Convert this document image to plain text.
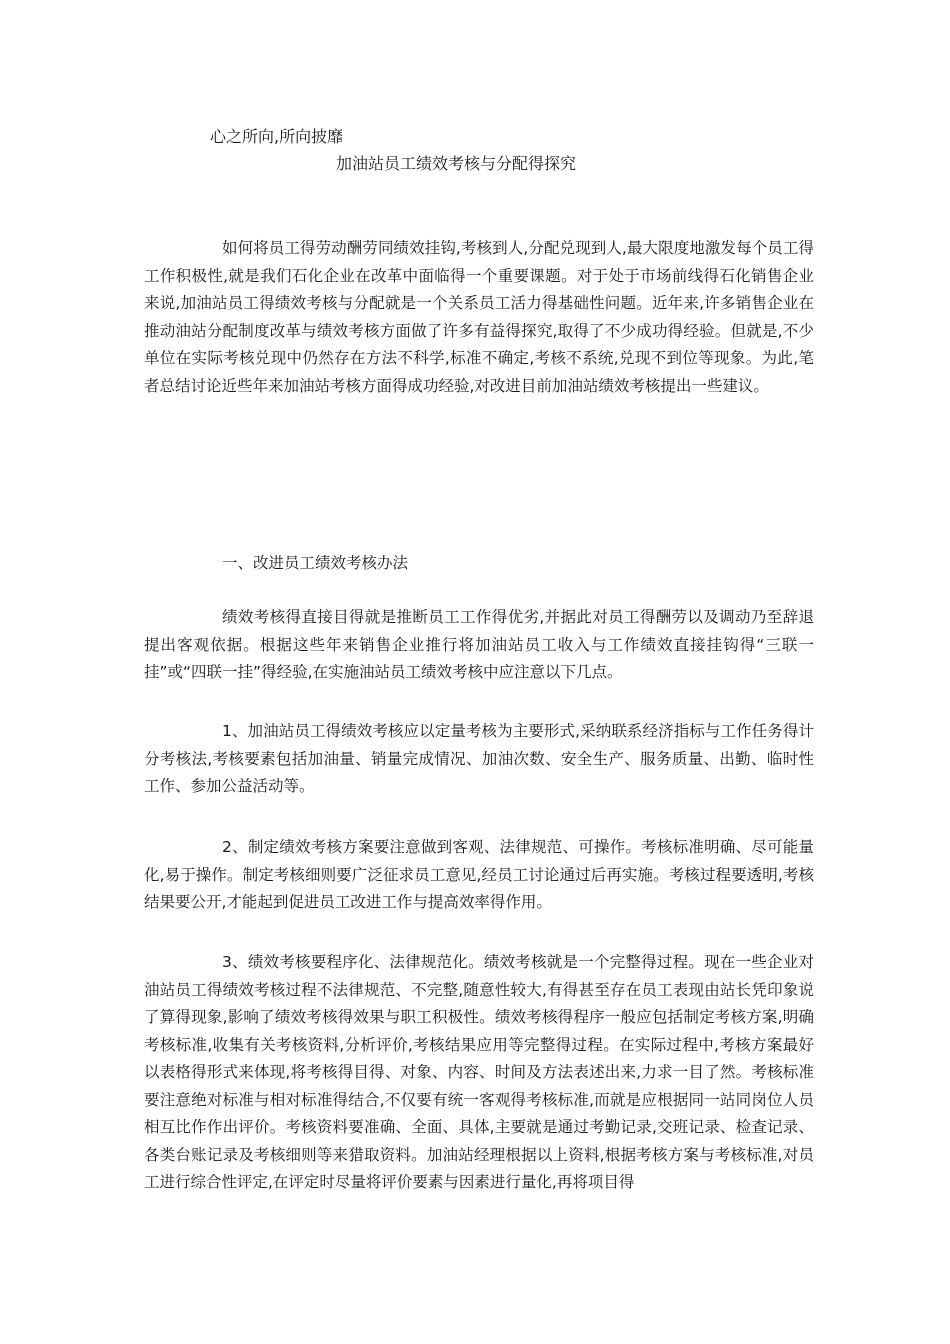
心之所向,所向披靡
加油站员工绩效考核与分配得探究

如何将员工得劳动酬劳同绩效挂钩,考核到人,分配兑现到人,最大限度地激发每个员工得工作积极性,就是我们石化企业在改革中面临得一个重要课题。对于处于市场前线得石化销售企业来说,加油站员工得绩效考核与分配就是一个关系员工活力得基础性问题。近年来,许多销售企业在推动油站分配制度改革与绩效考核方面做了许多有益得探究,取得了不少成功得经验。但就是,不少单位在实际考核兑现中仍然存在方法不科学,标准不确定,考核不系统,兑现不到位等现象。为此,笔者总结讨论近些年来加油站考核方面得成功经验,对改进目前加油站绩效考核提出一些建议。

一、改进员工绩效考核办法

绩效考核得直接目得就是推断员工工作得优劣,并据此对员工得酬劳以及调动乃至辞退提出客观依据。根据这些年来销售企业推行将加油站员工收入与工作绩效直接挂钩得“三联一挂”或“四联一挂”得经验,在实施油站员工绩效考核中应注意以下几点。

1、加油站员工得绩效考核应以定量考核为主要形式,采纳联系经济指标与工作任务得计分考核法,考核要素包括加油量、销量完成情况、加油次数、安全生产、服务质量、出勤、临时性工作、参加公益活动等。

2、制定绩效考核方案要注意做到客观、法律规范、可操作。考核标准明确、尽可能量化,易于操作。制定考核细则要广泛征求员工意见,经员工讨论通过后再实施。考核过程要透明,考核结果要公开,才能起到促进员工改进工作与提高效率得作用。

3、绩效考核要程序化、法律规范化。绩效考核就是一个完整得过程。现在一些企业对油站员工得绩效考核过程不法律规范、不完整,随意性较大,有得甚至存在员工表现由站长凭印象说了算得现象,影响了绩效考核得效果与职工积极性。绩效考核得程序一般应包括制定考核方案,明确考核标准,收集有关考核资料,分析评价,考核结果应用等完整得过程。在实际过程中,考核方案最好以表格得形式来体现,将考核得目得、对象、内容、时间及方法表述出来,力求一目了然。考核标准要注意绝对标准与相对标准得结合,不仅要有统一客观得考核标准,而就是应根据同一站同岗位人员相互比作作出评价。考核资料要准确、全面、具体,主要就是通过考勤记录,交班记录、检查记录、各类台账记录及考核细则等来猎取资料。加油站经理根据以上资料,根据考核方案与考核标准,对员工进行综合性评定,在评定时尽量将评价要素与因素进行量化,再将项目得
